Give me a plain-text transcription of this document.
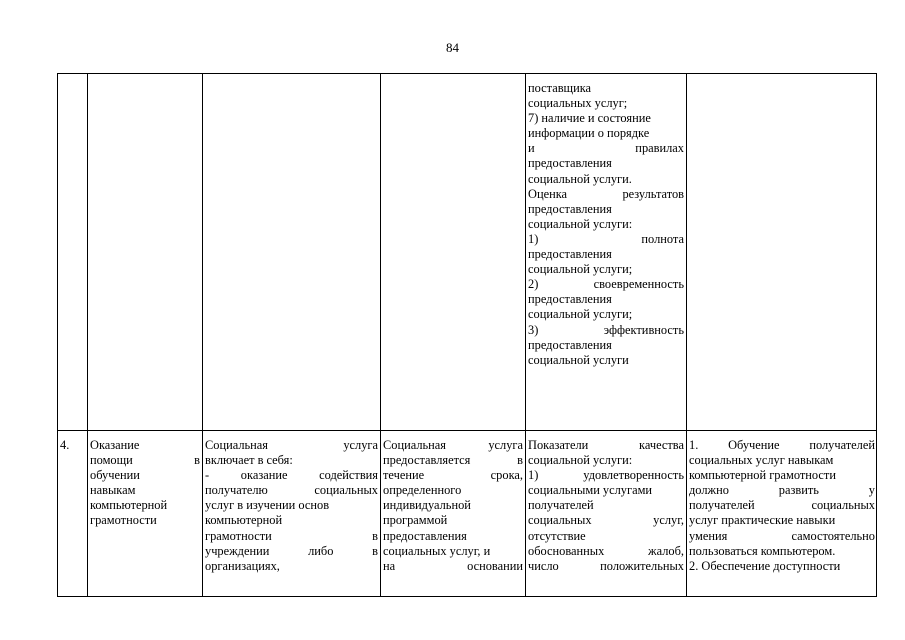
84
поставщика
социальных услуг;
7) наличие и состояние
информации о порядке
и правилах
предоставления
социальной услуги.
Оценка результатов
предоставления
социальной услуги:
1) полнота
предоставления
социальной услуги;
2) своевременность
предоставления
социальной услуги;
3) эффективность
предоставления
социальной услуги
4.	Оказание
помощи в
обучении
навыкам
компьютерной
грамотности
Социальная услуга
включает в себя:
- оказание содействия
получателю социальных
услуг в изучении основ
компьютерной
грамотности в
учреждении либо в
организациях,
Социальная услуга
предоставляется в
течение срока,
определенного
индивидуальной
программой
предоставления
социальных услуг, и
на основании
Показатели качества
социальной услуги:
1) удовлетворенность
социальными услугами
получателей
социальных услуг,
отсутствие
обоснованных жалоб,
число положительных
1. Обучение получателей
социальных услуг навыкам
компьютерной грамотности
должно развить у
получателей социальных
услуг практические навыки
умения самостоятельно
пользоваться компьютером.
2. Обеспечение доступности
